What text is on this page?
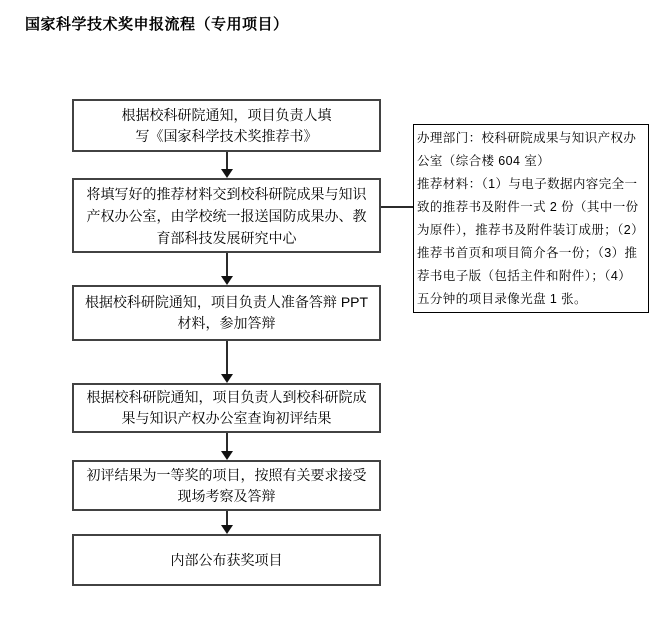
国家科学技术奖申报流程（专用项目）
根据校科研院通知，项目负责人填
写《国家科学技术奖推荐书》
将填写好的推荐材料交到校科研院成果与知识
产权办公室，由学校统一报送国防成果办、教
育部科技发展研究中心
根据校科研院通知，项目负责人准备答辩 PPT
材料，参加答辩
根据校科研院通知，项目负责人到校科研院成
果与知识产权办公室查询初评结果
初评结果为一等奖的项目，按照有关要求接受
现场考察及答辩
内部公布获奖项目
办理部门：校科研院成果与知识产权办
公室（综合楼 604 室）
推荐材料：（1）与电子数据内容完全一
致的推荐书及附件一式 2 份（其中一份
为原件），推荐书及附件装订成册；（2）
推荐书首页和项目简介各一份；（3）推
荐书电子版（包括主件和附件）；（4）
五分钟的项目录像光盘 1 张。
